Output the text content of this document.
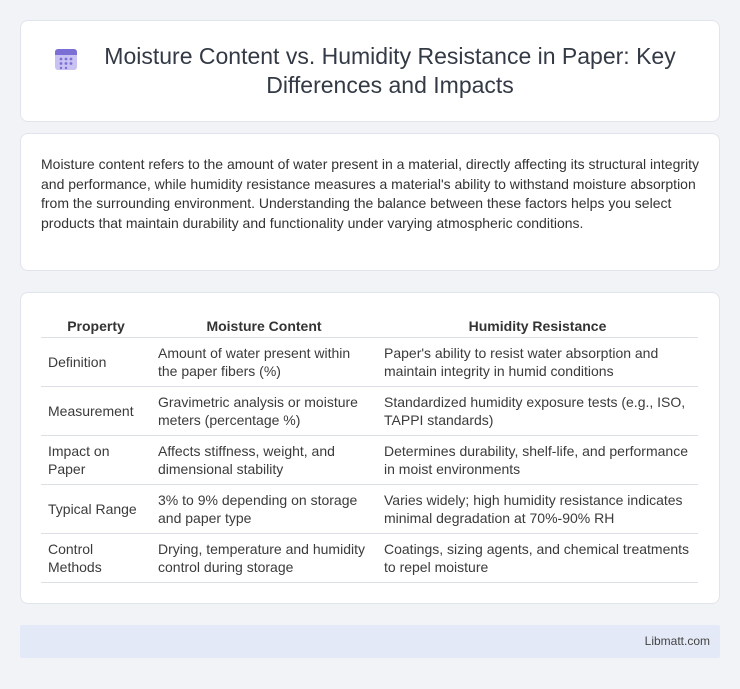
Moisture Content vs. Humidity Resistance in Paper: Key Differences and Impacts

Moisture content refers to the amount of water present in a material, directly affecting its structural integrity and performance, while humidity resistance measures a material's ability to withstand moisture absorption from the surrounding environment. Understanding the balance between these factors helps you select products that maintain durability and functionality under varying atmospheric conditions.

Property	Moisture Content	Humidity Resistance
Definition	Amount of water present within the paper fibers (%)	Paper's ability to resist water absorption and maintain integrity in humid conditions
Measurement	Gravimetric analysis or moisture meters (percentage %)	Standardized humidity exposure tests (e.g., ISO, TAPPI standards)
Impact on Paper	Affects stiffness, weight, and dimensional stability	Determines durability, shelf-life, and performance in moist environments
Typical Range	3% to 9% depending on storage and paper type	Varies widely; high humidity resistance indicates minimal degradation at 70%-90% RH
Control Methods	Drying, temperature and humidity control during storage	Coatings, sizing agents, and chemical treatments to repel moisture
Libmatt.com
